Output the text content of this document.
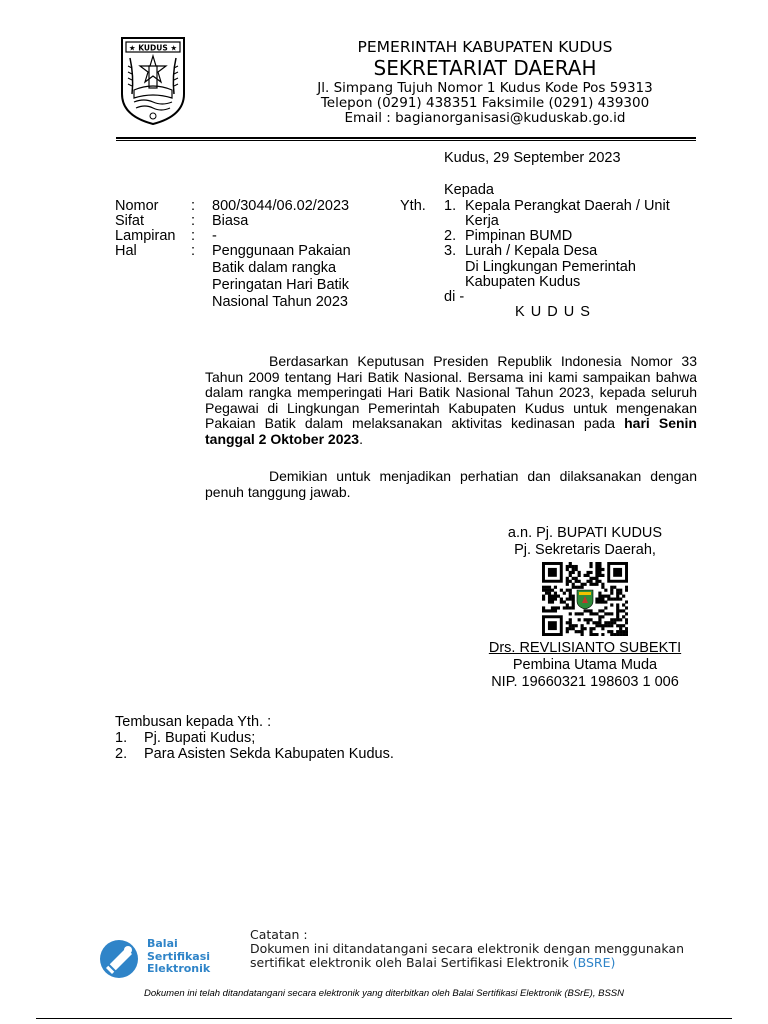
★ KUDUS ★	PEMERINTAH KABUPATEN KUDUS
SEKRETARIAT DAERAH
Jl. Simpang Tujuh Nomor 1 Kudus Kode Pos 59313
Telepon (0291) 438351 Faksimile (0291) 439300
Email : bagianorganisasi@kuduskab.go.id
Kudus, 29 September 2023
Kepada
Yth. 1. Kepala Perangkat Daerah / Unit
Kerja
2. Pimpinan BUMD
3. Lurah / Kepala Desa
Di Lingkungan Pemerintah
Kabupaten Kudus
di -
K U D U S
Nomor : 800/3044/06.02/2023
Sifat	: Biasa
Lampiran : -
Hal	: Penggunaan Pakaian
Batik dalam rangka
Peringatan Hari Batik
Nasional Tahun 2023
Berdasarkan Keputusan Presiden Republik Indonesia Nomor 33 Tahun 2009 tentang Hari Batik Nasional. Bersama ini kami sampaikan bahwa dalam rangka memperingati Hari Batik Nasional Tahun 2023, kepada seluruh Pegawai di Lingkungan Pemerintah Kabupaten Kudus untuk mengenakan Pakaian Batik dalam melaksanakan aktivitas kedinasan pada hari Senin tanggal 2 Oktober 2023.
Demikian untuk menjadikan perhatian dan dilaksanakan dengan penuh tanggung jawab.
a.n. Pj. BUPATI KUDUS
Pj. Sekretaris Daerah,
Drs. REVLISIANTO SUBEKTI
Pembina Utama Muda
NIP. 19660321 198603 1 006
Tembusan kepada Yth. :
1. Pj. Bupati Kudus;
2. Para Asisten Sekda Kabupaten Kudus.
Balai
Sertifikasi
Elektronik
Catatan :
Dokumen ini ditandatangani secara elektronik dengan menggunakan
sertifikat elektronik oleh Balai Sertifikasi Elektronik (BSRE)
Dokumen ini telah ditandatangani secara elektronik yang diterbitkan oleh Balai Sertifikasi Elektronik (BSrE), BSSN
